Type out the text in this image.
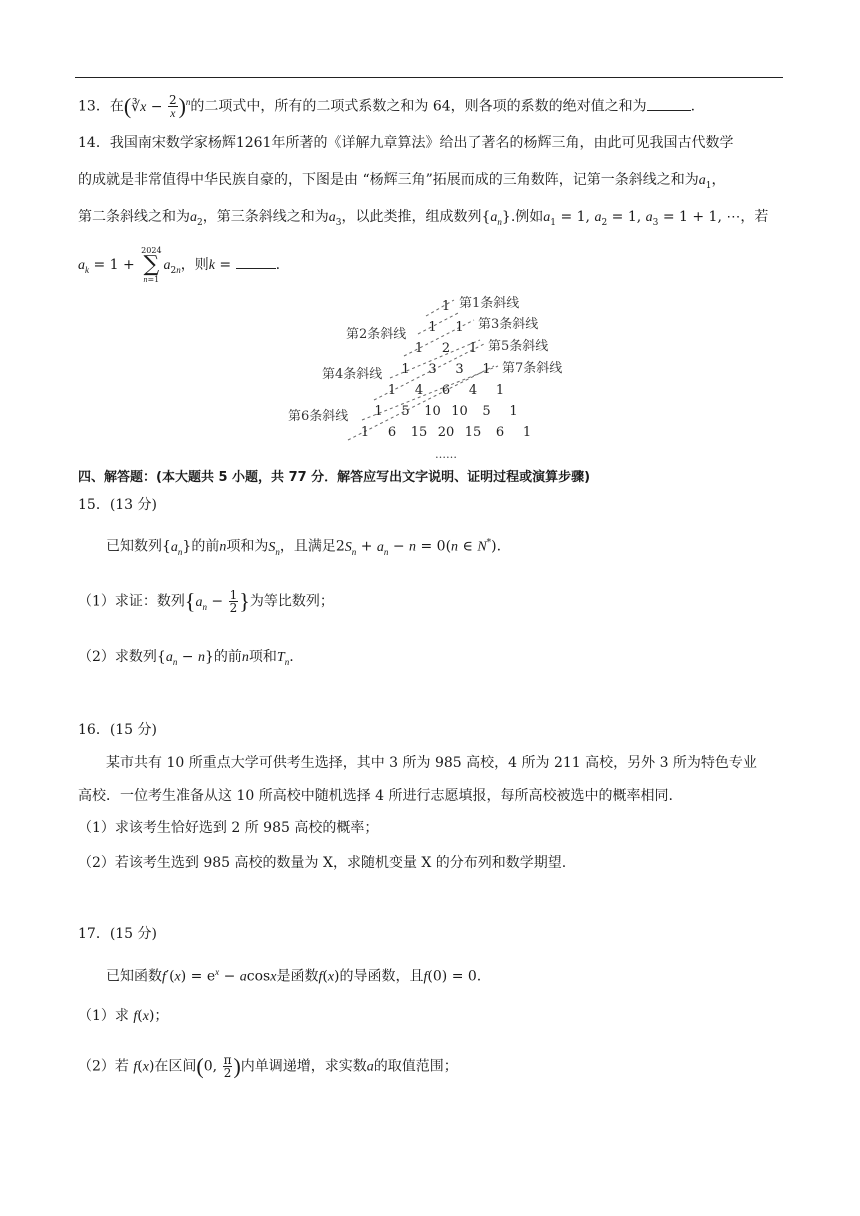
13．在(∛x − $\frac{2}{x} )^n$的二项式中，所有的二项式系数之和为 64，则各项的系数的绝对值之和为	.
14．我国南宋数学家杨辉1261年所著的《详解九章算法》给出了著名的杨辉三角，由此可见我国古代数学
的成就是非常值得中华民族自豪的，下图是由 “杨辉三角”拓展而成的三角数阵，记第一条斜线之和为$a_1$，
第二条斜线之和为$a_2$，第三条斜线之和为$a_3$，以此类推，组成数列$\{a_n\}$.例如$a_1 = 1$, $a_2 = 1$, $a_3 = 1 + 1$, ⋯，若
$a_k = 1$ +
2024
∑
n=1
$a_{2n}$，则k =	.
1
1 1
1 2 1
1 3 3 1
1 4 6 4 1
1 5 10 10 5 1
1 6 15 20 15 6 1
第1条斜线
第2条斜线
第3条斜线
第4条斜线
第5条斜线
第6条斜线
第7条斜线
……
四、解答题：(本大题共 5 小题，共 77 分．解答应写出文字说明、证明过程或演算步骤)
15．(13 分)
已知数列$\{a_n\}$的前n项和为$S_n$，且满足$2S_n + a_n - n = 0(n$ ∈ N*).
（1）求证：数列{$a_n - \frac{1}{2}$ }为等比数列；
（2）求数列$\{a_n - n\}$的前n项和$T_n$.
16．(15 分)
某市共有 10 所重点大学可供考生选择，其中 3 所为 985 高校，4 所为 211 高校，另外 3 所为特色专业
高校．一位考生准备从这 10 所高校中随机选择 4 所进行志愿填报，每所高校被选中的概率相同.
（1）求该考生恰好选到 2 所 985 高校的概率；
（2）若该考生选到 985 高校的数量为 X，求随机变量 X 的分布列和数学期望.
17．(15 分)
已知函数$f'(x) = e^x - acosx$是函数f(x)的导函数，且f(0) = 0.
（1）求 f(x)；
（2）若 f(x)在区间(0, $\frac{\pi}{2}$ )内单调递增，求实数a的取值范围；
